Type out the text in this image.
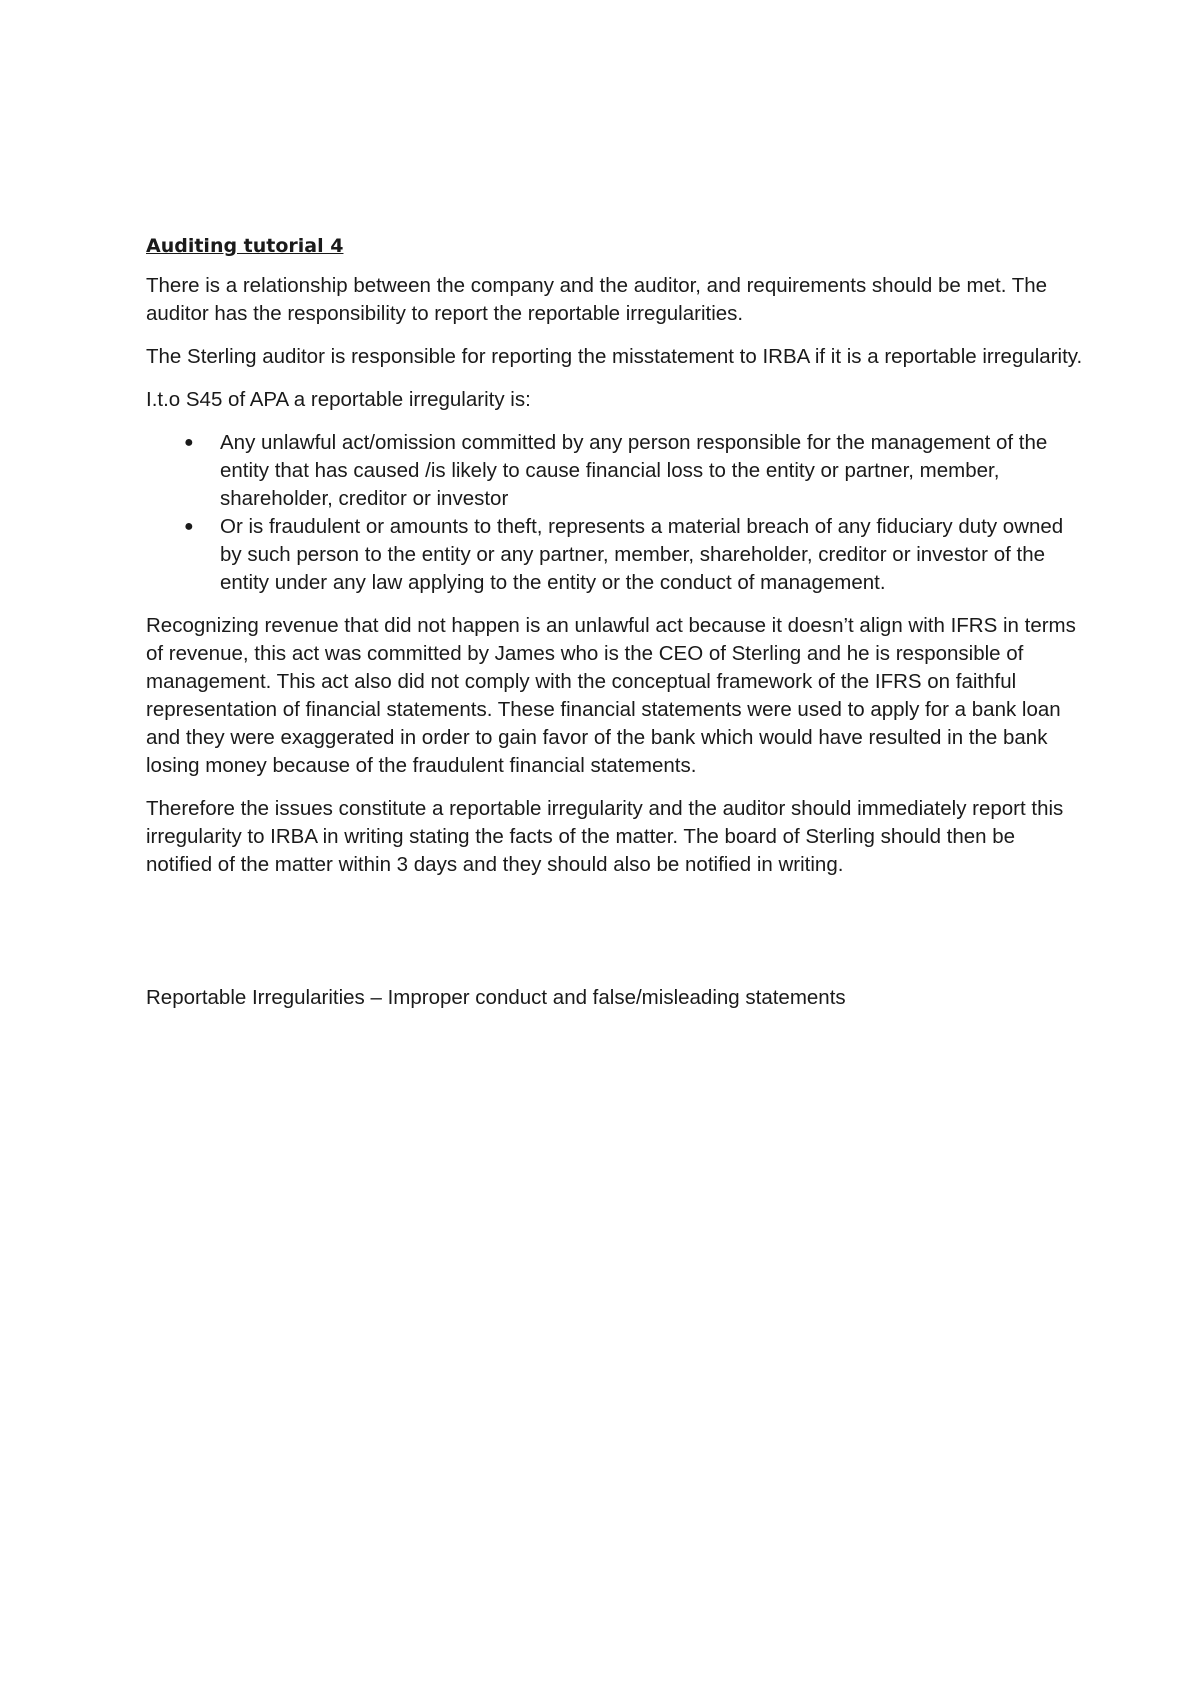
Auditing tutorial 4

There is a relationship between the company and the auditor, and requirements should be met. The auditor has the responsibility to report the reportable irregularities.

The Sterling auditor is responsible for reporting the misstatement to IRBA if it is a reportable irregularity.

I.t.o S45 of APA a reportable irregularity is:

● Any unlawful act/omission committed by any person responsible for the management of the entity that has caused /is likely to cause financial loss to the entity or partner, member, shareholder, creditor or investor
● Or is fraudulent or amounts to theft, represents a material breach of any fiduciary duty owned by such person to the entity or any partner, member, shareholder, creditor or investor of the entity under any law applying to the entity or the conduct of management.

Recognizing revenue that did not happen is an unlawful act because it doesn’t align with IFRS in terms of revenue, this act was committed by James who is the CEO of Sterling and he is responsible of management. This act also did not comply with the conceptual framework of the IFRS on faithful representation of financial statements. These financial statements were used to apply for a bank loan and they were exaggerated in order to gain favor of the bank which would have resulted in the bank losing money because of the fraudulent financial statements.

Therefore the issues constitute a reportable irregularity and the auditor should immediately report this irregularity to IRBA in writing stating the facts of the matter. The board of Sterling should then be notified of the matter within 3 days and they should also be notified in writing.

Reportable Irregularities – Improper conduct and false/misleading statements
